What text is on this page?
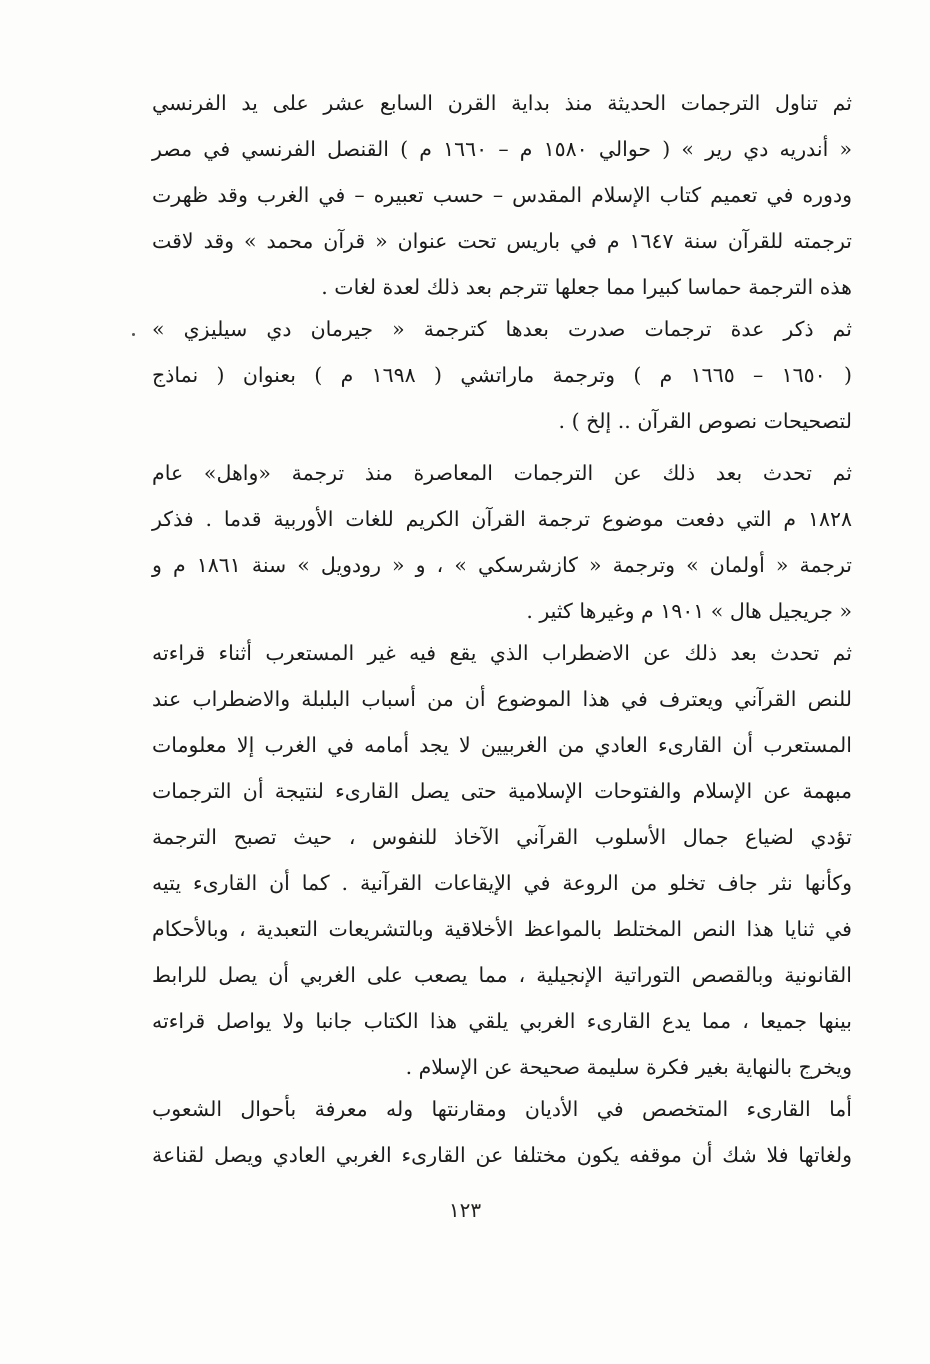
ثم تناول الترجمات الحديثة منذ بداية القرن السابع عشر على يد الفرنسي
« أندريه دي رير » ( حوالي ١٥٨٠ م – ١٦٦٠ م ) القنصل الفرنسي في مصر
ودوره في تعميم كتاب الإسلام المقدس – حسب تعبيره – في الغرب وقد ظهرت
ترجمته للقرآن سنة ١٦٤٧ م في باريس تحت عنوان « قرآن محمد » وقد لاقت
هذه الترجمة حماسا كبيرا مما جعلها تترجم بعد ذلك لعدة لغات .
ثم ذكر عدة ترجمات صدرت بعدها كترجمة « جيرمان دي سيليزي »
( ١٦٥٠ – ١٦٦٥ م ) وترجمة ماراتشي ( ١٦٩٨ م ) بعنوان ( نماذج
لتصحيحات نصوص القرآن .. إلخ ) .
ثم تحدث بعد ذلك عن الترجمات المعاصرة منذ ترجمة «واهل» عام
١٨٢٨ م التي دفعت موضوع ترجمة القرآن الكريم للغات الأوربية قدما . فذكر
ترجمة « أولمان » وترجمة « كازشرسكي » ، و « رودويل » سنة ١٨٦١ م و
« جريجيل هال » ١٩٠١ م وغيرها كثير .
ثم تحدث بعد ذلك عن الاضطراب الذي يقع فيه غير المستعرب أثناء قراءته
للنص القرآني ويعترف في هذا الموضوع أن من أسباب البلبلة والاضطراب عند
المستعرب أن القارىء العادي من الغربيين لا يجد أمامه في الغرب إلا معلومات
مبهمة عن الإسلام والفتوحات الإسلامية حتى يصل القارىء لنتيجة أن الترجمات
تؤدي لضياع جمال الأسلوب القرآني الآخاذ للنفوس ، حيث تصبح الترجمة
وكأنها نثر جاف تخلو من الروعة في الإيقاعات القرآنية . كما أن القارىء يتيه
في ثنايا هذا النص المختلط بالمواعظ الأخلاقية وبالتشريعات التعبدية ، وبالأحكام
القانونية وبالقصص التوراتية الإنجيلية ، مما يصعب على الغربي أن يصل للرابط
بينها جميعا ، مما يدع القارىء الغربي يلقي هذا الكتاب جانبا ولا يواصل قراءته
ويخرج بالنهاية بغير فكرة سليمة صحيحة عن الإسلام .
أما القارىء المتخصص في الأديان ومقارنتها وله معرفة بأحوال الشعوب
ولغاتها فلا شك أن موقفه يكون مختلفا عن القارىء الغربي العادي ويصل لقناعة
١٢٣
